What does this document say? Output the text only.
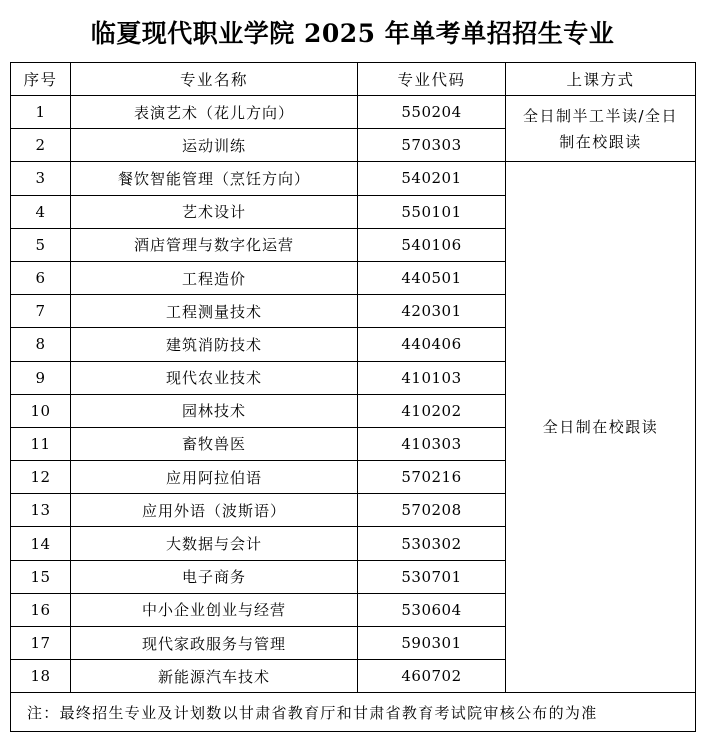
临夏现代职业学院 2025 年单考单招招生专业
序号	专业名称	专业代码	上课方式
1	表演艺术（花儿方向）	550204	全日制半工半读/全日制在校跟读
2	运动训练	570303	
3	餐饮智能管理（烹饪方向）	540201	全日制在校跟读
4	艺术设计	550101	
5	酒店管理与数字化运营	540106	
6	工程造价	440501	
7	工程测量技术	420301	
8	建筑消防技术	440406	
9	现代农业技术	410103	
10	园林技术	410202	
11	畜牧兽医	410303	
12	应用阿拉伯语	570216	
13	应用外语（波斯语）	570208	
14	大数据与会计	530302	
15	电子商务	530701	
16	中小企业创业与经营	530604	
17	现代家政服务与管理	590301	
18	新能源汽车技术	460702	
注：最终招生专业及计划数以甘肃省教育厅和甘肃省教育考试院审核公布的为准			
